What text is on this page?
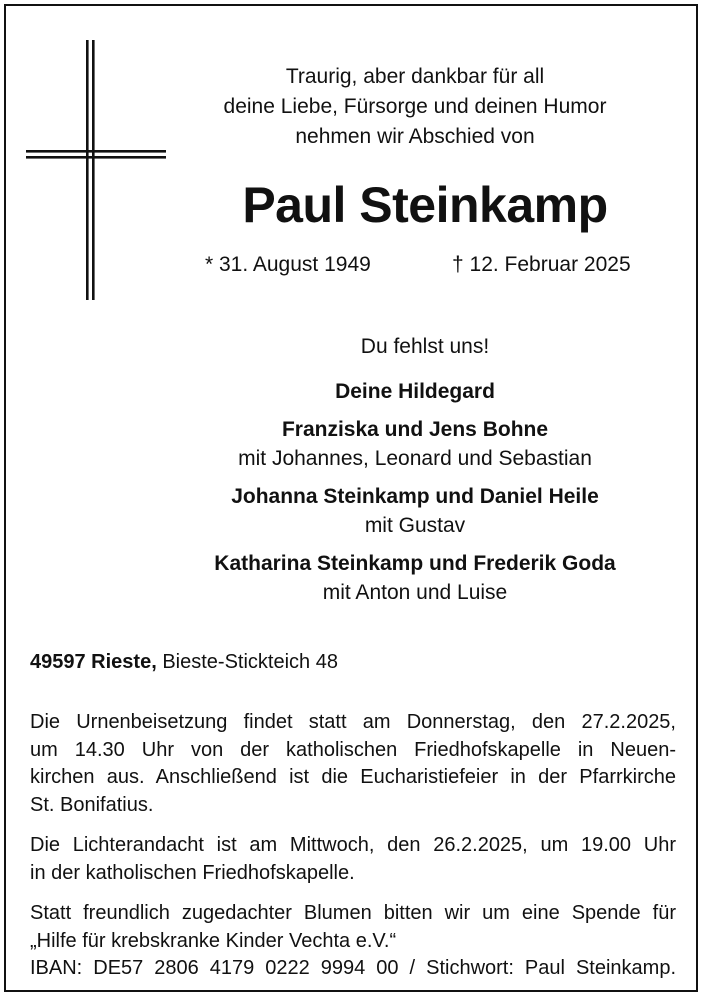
Traurig, aber dankbar für all
deine Liebe, Fürsorge und deinen Humor
nehmen wir Abschied von
Paul Steinkamp
* 31. August 1949	† 12. Februar 2025
Du fehlst uns!
Deine Hildegard
Franziska und Jens Bohne
mit Johannes, Leonard und Sebastian
Johanna Steinkamp und Daniel Heile
mit Gustav
Katharina Steinkamp und Frederik Goda
mit Anton und Luise
49597 Rieste, Bieste-Stickteich 48
Die Urnenbeisetzung findet statt am Donnerstag, den 27.2.2025,
um 14.30 Uhr von der katholischen Friedhofskapelle in Neuen-
kirchen aus. Anschließend ist die Eucharistiefeier in der Pfarrkirche
St. Bonifatius.
Die Lichterandacht ist am Mittwoch, den 26.2.2025, um 19.00 Uhr
in der katholischen Friedhofskapelle.
Statt freundlich zugedachter Blumen bitten wir um eine Spende für
„Hilfe für krebskranke Kinder Vechta e.V.“
IBAN: DE57 2806 4179 0222 9994 00 / Stichwort: Paul Steinkamp.
